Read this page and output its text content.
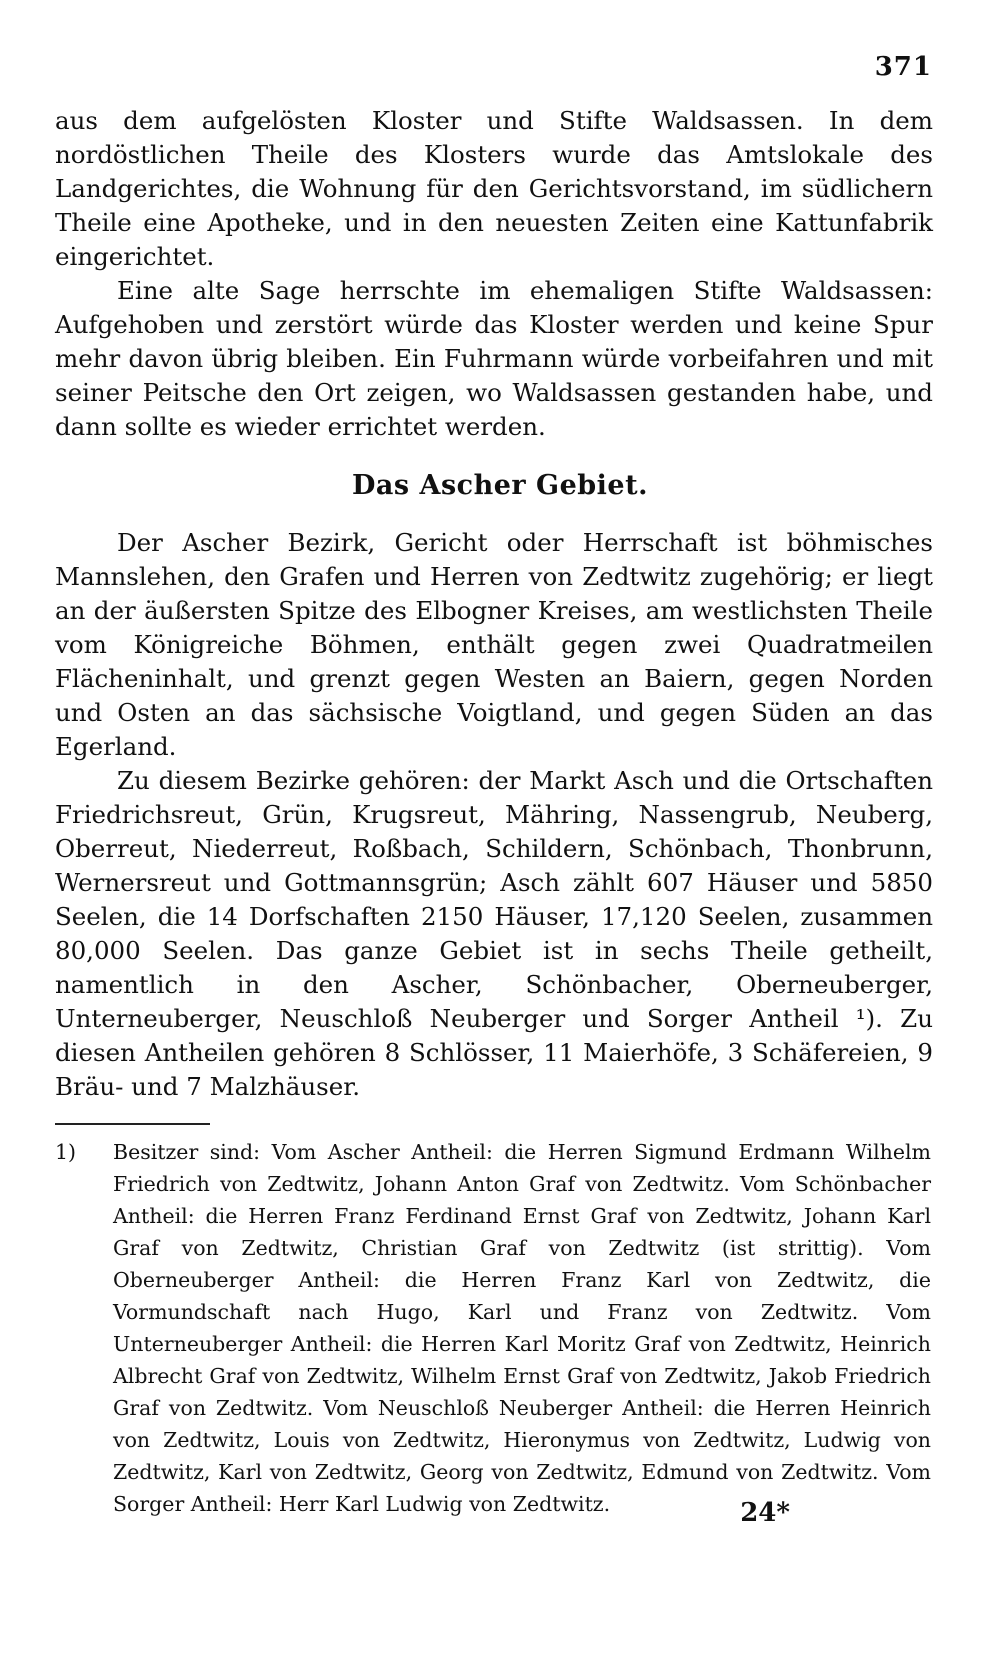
371

aus dem aufgelösten Kloster und Stifte Waldsassen. In dem nordöstlichen Theile des Klosters wurde das Amtslokale des Landgerichtes, die Wohnung für den Gerichtsvorstand, im südlichern Theile eine Apotheke, und in den neuesten Zeiten eine Kattunfabrik eingerichtet.

Eine alte Sage herrschte im ehemaligen Stifte Waldsassen: Aufgehoben und zerstört würde das Kloster werden und keine Spur mehr davon übrig bleiben. Ein Fuhrmann würde vorbeifahren und mit seiner Peitsche den Ort zeigen, wo Waldsassen gestanden habe, und dann sollte es wieder errichtet werden.

Das Ascher Gebiet.

Der Ascher Bezirk, Gericht oder Herrschaft ist böhmisches Mannslehen, den Grafen und Herren von Zedtwitz zugehörig; er liegt an der äußersten Spitze des Elbogner Kreises, am westlichsten Theile vom Königreiche Böhmen, enthält gegen zwei Quadratmeilen Flächeninhalt, und grenzt gegen Westen an Baiern, gegen Norden und Osten an das sächsische Voigtland, und gegen Süden an das Egerland.

Zu diesem Bezirke gehören: der Markt Asch und die Ortschaften Friedrichsreut, Grün, Krugsreut, Mähring, Nassengrub, Neuberg, Oberreut, Niederreut, Roßbach, Schildern, Schönbach, Thonbrunn, Wernersreut und Gottmannsgrün; Asch zählt 607 Häuser und 5850 Seelen, die 14 Dorfschaften 2150 Häuser, 17,120 Seelen, zusammen 80,000 Seelen. Das ganze Gebiet ist in sechs Theile getheilt, namentlich in den Ascher, Schönbacher, Oberneuberger, Unterneuberger, Neuschloß Neuberger und Sorger Antheil ¹). Zu diesen Antheilen gehören 8 Schlösser, 11 Maierhöfe, 3 Schäfereien, 9 Bräu- und 7 Malzhäuser.

1) Besitzer sind: Vom Ascher Antheil: die Herren Sigmund Erdmann Wilhelm Friedrich von Zedtwitz, Johann Anton Graf von Zedtwitz. Vom Schönbacher Antheil: die Herren Franz Ferdinand Ernst Graf von Zedtwitz, Johann Karl Graf von Zedtwitz, Christian Graf von Zedtwitz (ist strittig). Vom Oberneuberger Antheil: die Herren Franz Karl von Zedtwitz, die Vormundschaft nach Hugo, Karl und Franz von Zedtwitz. Vom Unterneuberger Antheil: die Herren Karl Moritz Graf von Zedtwitz, Heinrich Albrecht Graf von Zedtwitz, Wilhelm Ernst Graf von Zedtwitz, Jakob Friedrich Graf von Zedtwitz. Vom Neuschloß Neuberger Antheil: die Herren Heinrich von Zedtwitz, Louis von Zedtwitz, Hieronymus von Zedtwitz, Ludwig von Zedtwitz, Karl von Zedtwitz, Georg von Zedtwitz, Edmund von Zedtwitz. Vom Sorger Antheil: Herr Karl Ludwig von Zedtwitz.	24*
